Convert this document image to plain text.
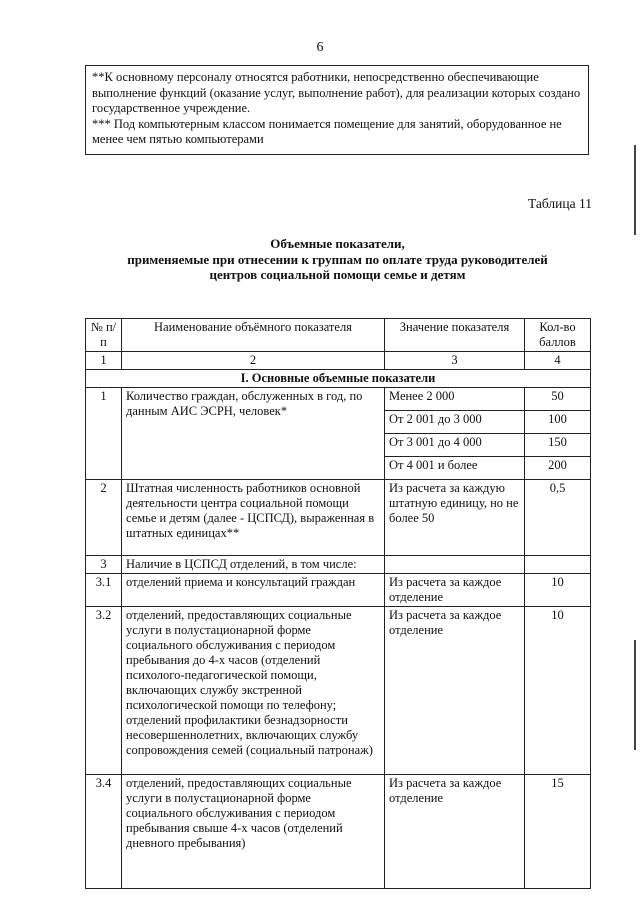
6

**К основному персоналу относятся работники, непосредственно обеспечивающие выполнение функций (оказание услуг, выполнение работ), для реализации которых создано государственное учреждение.

*** Под компьютерным классом понимается помещение для занятий, оборудованное не менее чем пятью компьютерами

Таблица 11
Объемные показатели,
применяемые при отнесении к группам по оплате труда руководителей
центров социальной помощи семье и детям
№ п/п	Наименование объёмного показателя	Значение показателя	Кол-во баллов
1	2	3	4
I. Основные объемные показатели			
1	Количество граждан, обслуженных в год, по данным АИС ЭСРН, человек*	Менее 2 000	50
		От 2 001 до 3 000	100
		От 3 001 до 4 000	150
		От 4 001 и более	200
2	Штатная численность работников основной деятельности центра социальной помощи семье и детям (далее - ЦСПСД), выраженная в штатных единицах**	Из расчета за каждую штатную единицу, но не более 50	0,5
3	Наличие в ЦСПСД отделений, в том числе:		
3.1	отделений приема и консультаций граждан	Из расчета за каждое отделение	10
3.2	отделений, предоставляющих социальные услуги в полустационарной форме социального обслуживания с периодом пребывания до 4-х часов (отделений психолого-педагогической помощи, включающих службу экстренной психологической помощи по телефону; отделений профилактики безнадзорности несовершеннолетних, включающих службу сопровождения семей (социальный патронаж)	Из расчета за каждое отделение	10
3.4	отделений, предоставляющих социальные услуги в полустационарной форме социального обслуживания с периодом пребывания свыше 4-х часов (отделений дневного пребывания)	Из расчета за каждое отделение	15
